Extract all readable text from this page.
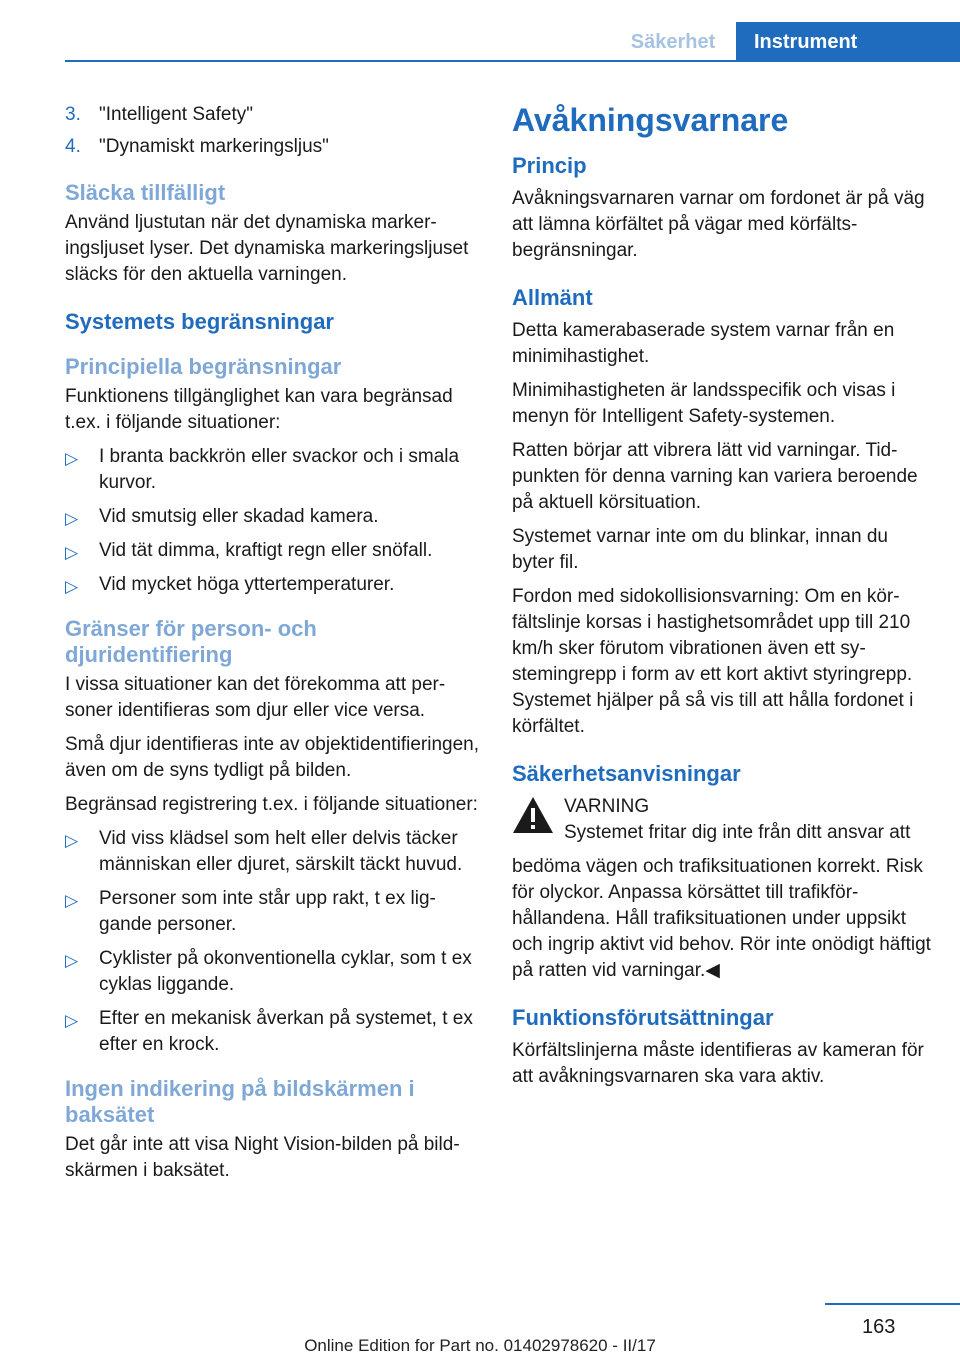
Säkerhet	Instrument
3. "Intelligent Safety"
4. "Dynamiskt markeringsljus"
Släcka tillfälligt

Använd ljustutan när det dynamiska markeringsljuset lyser. Det dynamiska markeringsljuset släcks för den aktuella varningen.

Systemets begränsningar
Principiella begränsningar

Funktionens tillgänglighet kan vara begränsad t.ex. i följande situationer:

▷ I branta backkrön eller svackor och i smala kurvor.
▷ Vid smutsig eller skadad kamera.
▷ Vid tät dimma, kraftigt regn eller snöfall.
▷ Vid mycket höga yttertemperaturer.
Gränser för person- och djuridentifiering

I vissa situationer kan det förekomma att personer identifieras som djur eller vice versa.

Små djur identifieras inte av objektidentifieringen, även om de syns tydligt på bilden.

Begränsad registrering t.ex. i följande situationer:

▷ Vid viss klädsel som helt eller delvis täcker människan eller djuret, särskilt täckt huvud.
▷ Personer som inte står upp rakt, t ex liggande personer.
▷ Cyklister på okonventionella cyklar, som t ex cyklas liggande.
▷ Efter en mekanisk åverkan på systemet, t ex efter en krock.
Ingen indikering på bildskärmen i baksätet

Det går inte att visa Night Vision-bilden på bildskärmen i baksätet.

Avåkningsvarnare
Princip

Avåkningsvarnaren varnar om fordonet är på väg att lämna körfältet på vägar med körfältsbegränsningar.

Allmänt

Detta kamerabaserade system varnar från en minimihastighet.

Minimihastigheten är landsspecifik och visas i menyn för Intelligent Safety-systemen.

Ratten börjar att vibrera lätt vid varningar. Tidpunkten för denna varning kan variera beroende på aktuell körsituation.

Systemet varnar inte om du blinkar, innan du byter fil.

Fordon med sidokollisionsvarning: Om en körfältslinje korsas i hastighetsområdet upp till 210 km/h sker förutom vibrationen även ett systemingrepp i form av ett kort aktivt styringrepp. Systemet hjälper på så vis till att hålla fordonet i körfältet.

Säkerhetsanvisningar
VARNING
Systemet fritar dig inte från ditt ansvar att

bedöma vägen och trafiksituationen korrekt. Risk för olyckor. Anpassa körsättet till trafikförhållandena. Håll trafiksituationen under uppsikt och ingrip aktivt vid behov. Rör inte onödigt häftigt på ratten vid varningar.◀

Funktionsförutsättningar

Körfältslinjerna måste identifieras av kameran för att avåkningsvarnaren ska vara aktiv.

163
Online Edition for Part no. 01402978620 - II/17
